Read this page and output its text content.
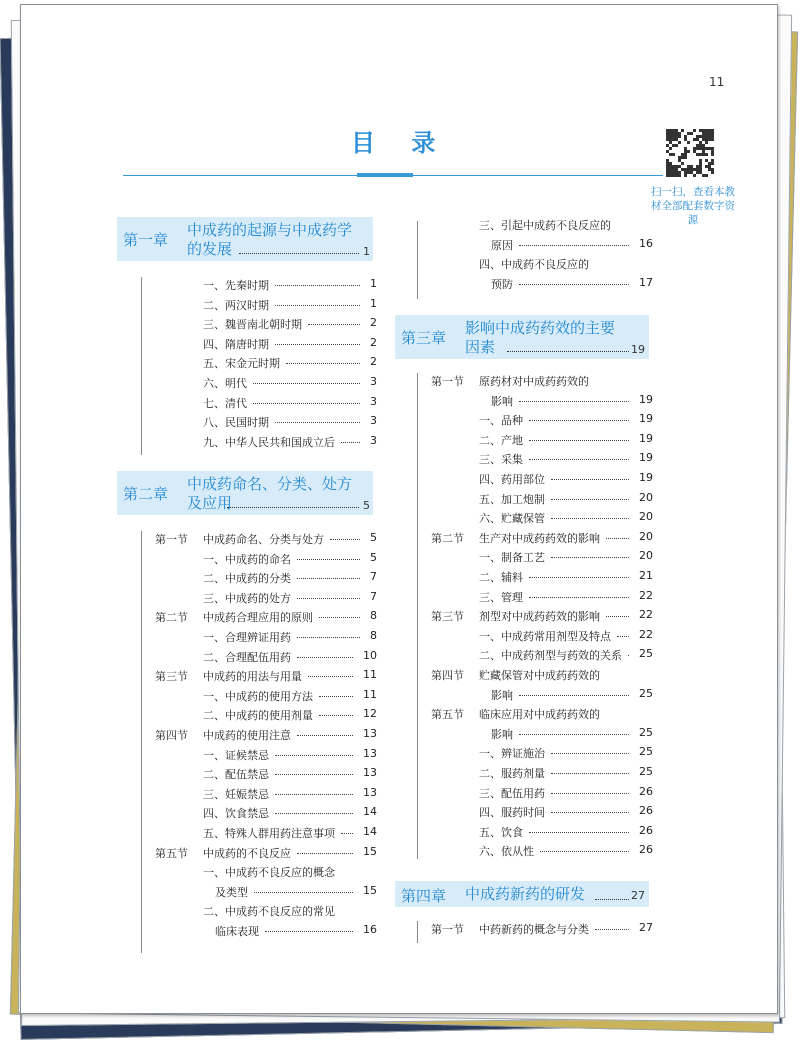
11
目 录
扫一扫，查看本教材全部配套数字资源
第一章
中成药的起源与中成药学
的发展	1
一、先秦时期	1
二、两汉时期	1
三、魏晋南北朝时期	2
四、隋唐时期	2
五、宋金元时期	2
六、明代	3
七、清代	3
八、民国时期	3
九、中华人民共和国成立后	3
第二章
中成药命名、分类、处方
及应用	5
第一节 中成药命名、分类与处方	5
一、中成药的命名	5
二、中成药的分类	7
三、中成药的处方	7
第二节 中成药合理应用的原则	8
一、合理辨证用药	8
二、合理配伍用药	10
第三节 中成药的用法与用量	11
一、中成药的使用方法	11
二、中成药的使用剂量	12
第四节 中成药的使用注意	13
一、证候禁忌	13
二、配伍禁忌	13
三、妊娠禁忌	13
四、饮食禁忌	14
五、特殊人群用药注意事项	14
第五节 中成药的不良反应	15
一、中成药不良反应的概念
及类型	15
二、中成药不良反应的常见
临床表现	16
三、引起中成药不良反应的
原因	16
四、中成药不良反应的
预防	17
第三章
影响中成药药效的主要
因素	19
第一节 原药材对中成药药效的
影响	19
一、品种	19
二、产地	19
三、采集	19
四、药用部位	19
五、加工炮制	20
六、贮藏保管	20
第二节 生产对中成药药效的影响	20
一、制备工艺	20
二、辅料	21
三、管理	22
第三节 剂型对中成药药效的影响	22
一、中成药常用剂型及特点	22
二、中成药剂型与药效的关系	25
第四节 贮藏保管对中成药药效的
影响	25
第五节 临床应用对中成药药效的
影响	25
一、辨证施治	25
二、服药剂量	25
三、配伍用药	26
四、服药时间	26
五、饮食	26
六、依从性	26
第四章 中成药新药的研发	27
第一节 中药新药的概念与分类	27
